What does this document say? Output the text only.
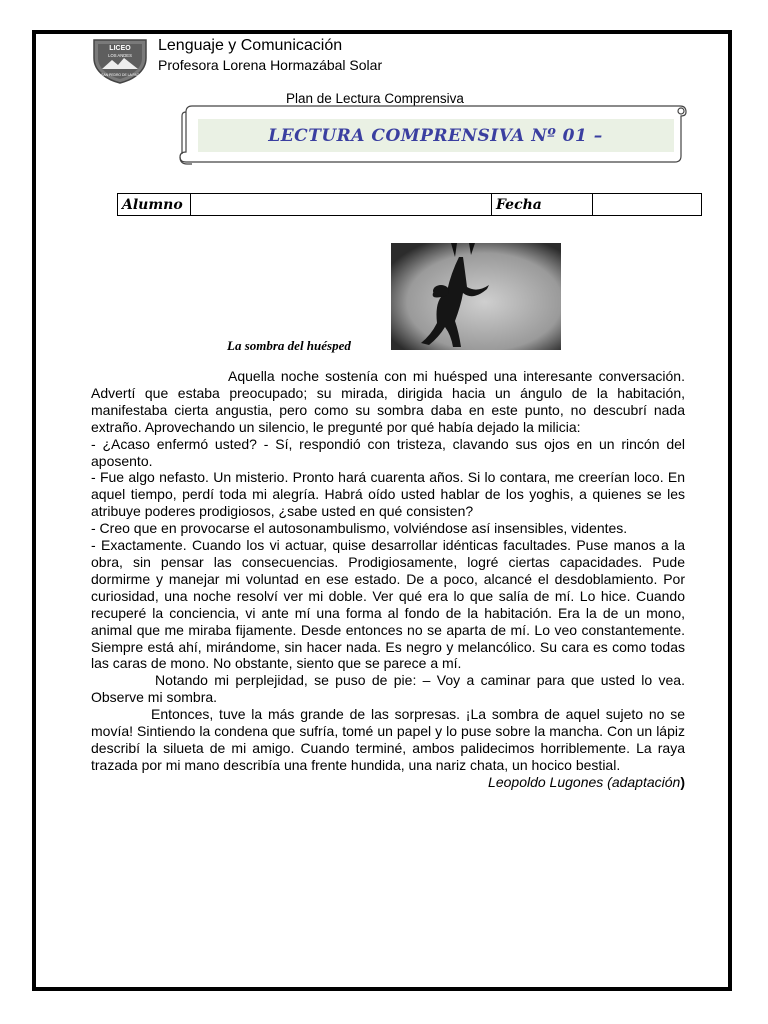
LICEO
LOS ANDES
SAN PEDRO DE LA PAZ
Lenguaje y Comunicación
Profesora Lorena Hormazábal Solar
Plan de Lectura Comprensiva
LECTURA COMPRENSIVA Nº 01 –
Alumno		Fecha	
La sombra del huésped

Aquella noche sostenía con mi huésped una interesante conversación. Advertí que estaba preocupado; su mirada, dirigida hacia un ángulo de la habitación, manifestaba cierta angustia, pero como su sombra daba en este punto, no descubrí nada extraño. Aprovechando un silencio, le pregunté por qué había dejado la milicia:

- ¿Acaso enfermó usted? - Sí, respondió con tristeza, clavando sus ojos en un rincón del aposento.

- Fue algo nefasto. Un misterio. Pronto hará cuarenta años. Si lo contara, me creerían loco. En aquel tiempo, perdí toda mi alegría. Habrá oído usted hablar de los yoghis, a quienes se les atribuye poderes prodigiosos, ¿sabe usted en qué consisten?

- Creo que en provocarse el autosonambulismo, volviéndose así insensibles, videntes.

- Exactamente. Cuando los vi actuar, quise desarrollar idénticas facultades. Puse manos a la obra, sin pensar las consecuencias. Prodigiosamente, logré ciertas capacidades. Pude dormirme y manejar mi voluntad en ese estado. De a poco, alcancé el desdoblamiento. Por curiosidad, una noche resolví ver mi doble. Ver qué era lo que salía de mí. Lo hice. Cuando recuperé la conciencia, vi ante mí una forma al fondo de la habitación. Era la de un mono, animal que me miraba fijamente. Desde entonces no se aparta de mí. Lo veo constantemente. Siempre está ahí, mirándome, sin hacer nada. Es negro y melancólico. Su cara es como todas las caras de mono. No obstante, siento que se parece a mí.

Notando mi perplejidad, se puso de pie: – Voy a caminar para que usted lo vea. Observe mi sombra.

Entonces, tuve la más grande de las sorpresas. ¡La sombra de aquel sujeto no se movía! Sintiendo la condena que sufría, tomé un papel y lo puse sobre la mancha. Con un lápiz describí la silueta de mi amigo. Cuando terminé, ambos palidecimos horriblemente. La raya trazada por mi mano describía una frente hundida, una nariz chata, un hocico bestial.

Leopoldo Lugones (adaptación)
